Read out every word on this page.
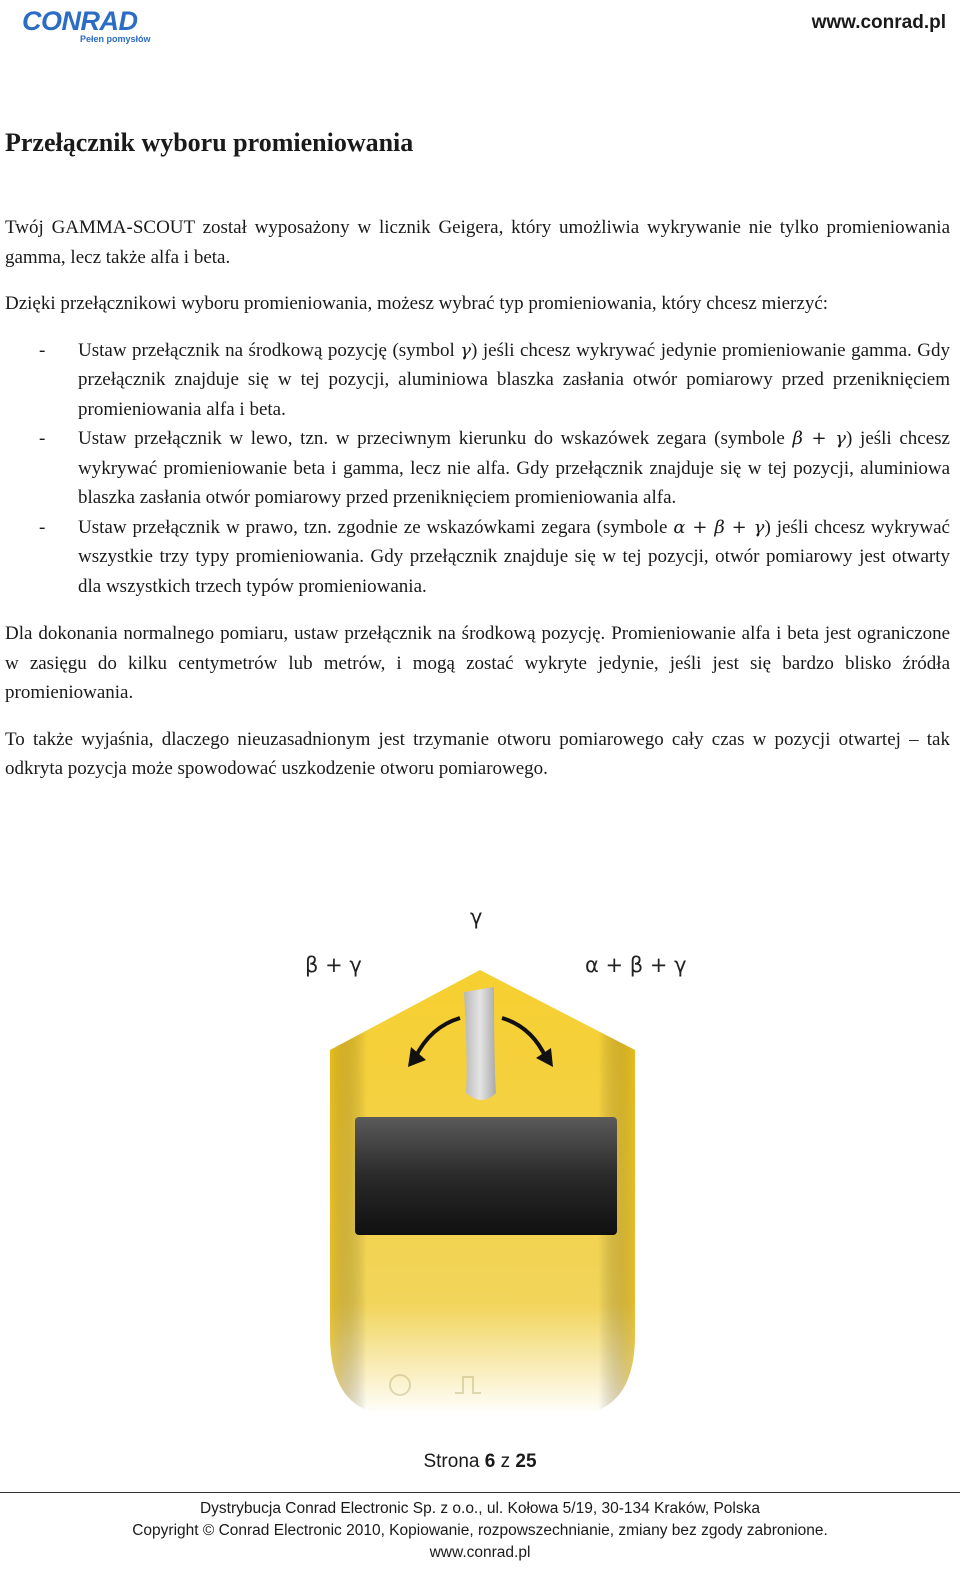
CONRAD
Pełen pomysłów
www.conrad.pl
Przełącznik wyboru promieniowania

Twój GAMMA-SCOUT został wyposażony w licznik Geigera, który umożliwia wykrywanie nie tylko promieniowania gamma, lecz także alfa i beta.

Dzięki przełącznikowi wyboru promieniowania, możesz wybrać typ promieniowania, który chcesz mierzyć:

- Ustaw przełącznik na środkową pozycję (symbol γ) jeśli chcesz wykrywać jedynie promieniowanie gamma. Gdy przełącznik znajduje się w tej pozycji, aluminiowa blaszka zasłania otwór pomiarowy przed przeniknięciem promieniowania alfa i beta.
- Ustaw przełącznik w lewo, tzn. w przeciwnym kierunku do wskazówek zegara (symbole β + γ) jeśli chcesz wykrywać promieniowanie beta i gamma, lecz nie alfa. Gdy przełącznik znajduje się w tej pozycji, aluminiowa blaszka zasłania otwór pomiarowy przed przeniknięciem promieniowania alfa.
- Ustaw przełącznik w prawo, tzn. zgodnie ze wskazówkami zegara (symbole α + β + γ) jeśli chcesz wykrywać wszystkie trzy typy promieniowania. Gdy przełącznik znajduje się w tej pozycji, otwór pomiarowy jest otwarty dla wszystkich trzech typów promieniowania.

Dla dokonania normalnego pomiaru, ustaw przełącznik na środkową pozycję. Promieniowanie alfa i beta jest ograniczone w zasięgu do kilku centymetrów lub metrów, i mogą zostać wykryte jedynie, jeśli jest się bardzo blisko źródła promieniowania.

To także wyjaśnia, dlaczego nieuzasadnionym jest trzymanie otworu pomiarowego cały czas w pozycji otwartej – tak odkryta pozycja może spowodować uszkodzenie otworu pomiarowego.

γ
β + γ	α + β + γ
Strona 6 z 25
Dystrybucja Conrad Electronic Sp. z o.o., ul. Kołowa 5/19, 30-134 Kraków, Polska
Copyright © Conrad Electronic 2010, Kopiowanie, rozpowszechnianie, zmiany bez zgody zabronione.
www.conrad.pl
